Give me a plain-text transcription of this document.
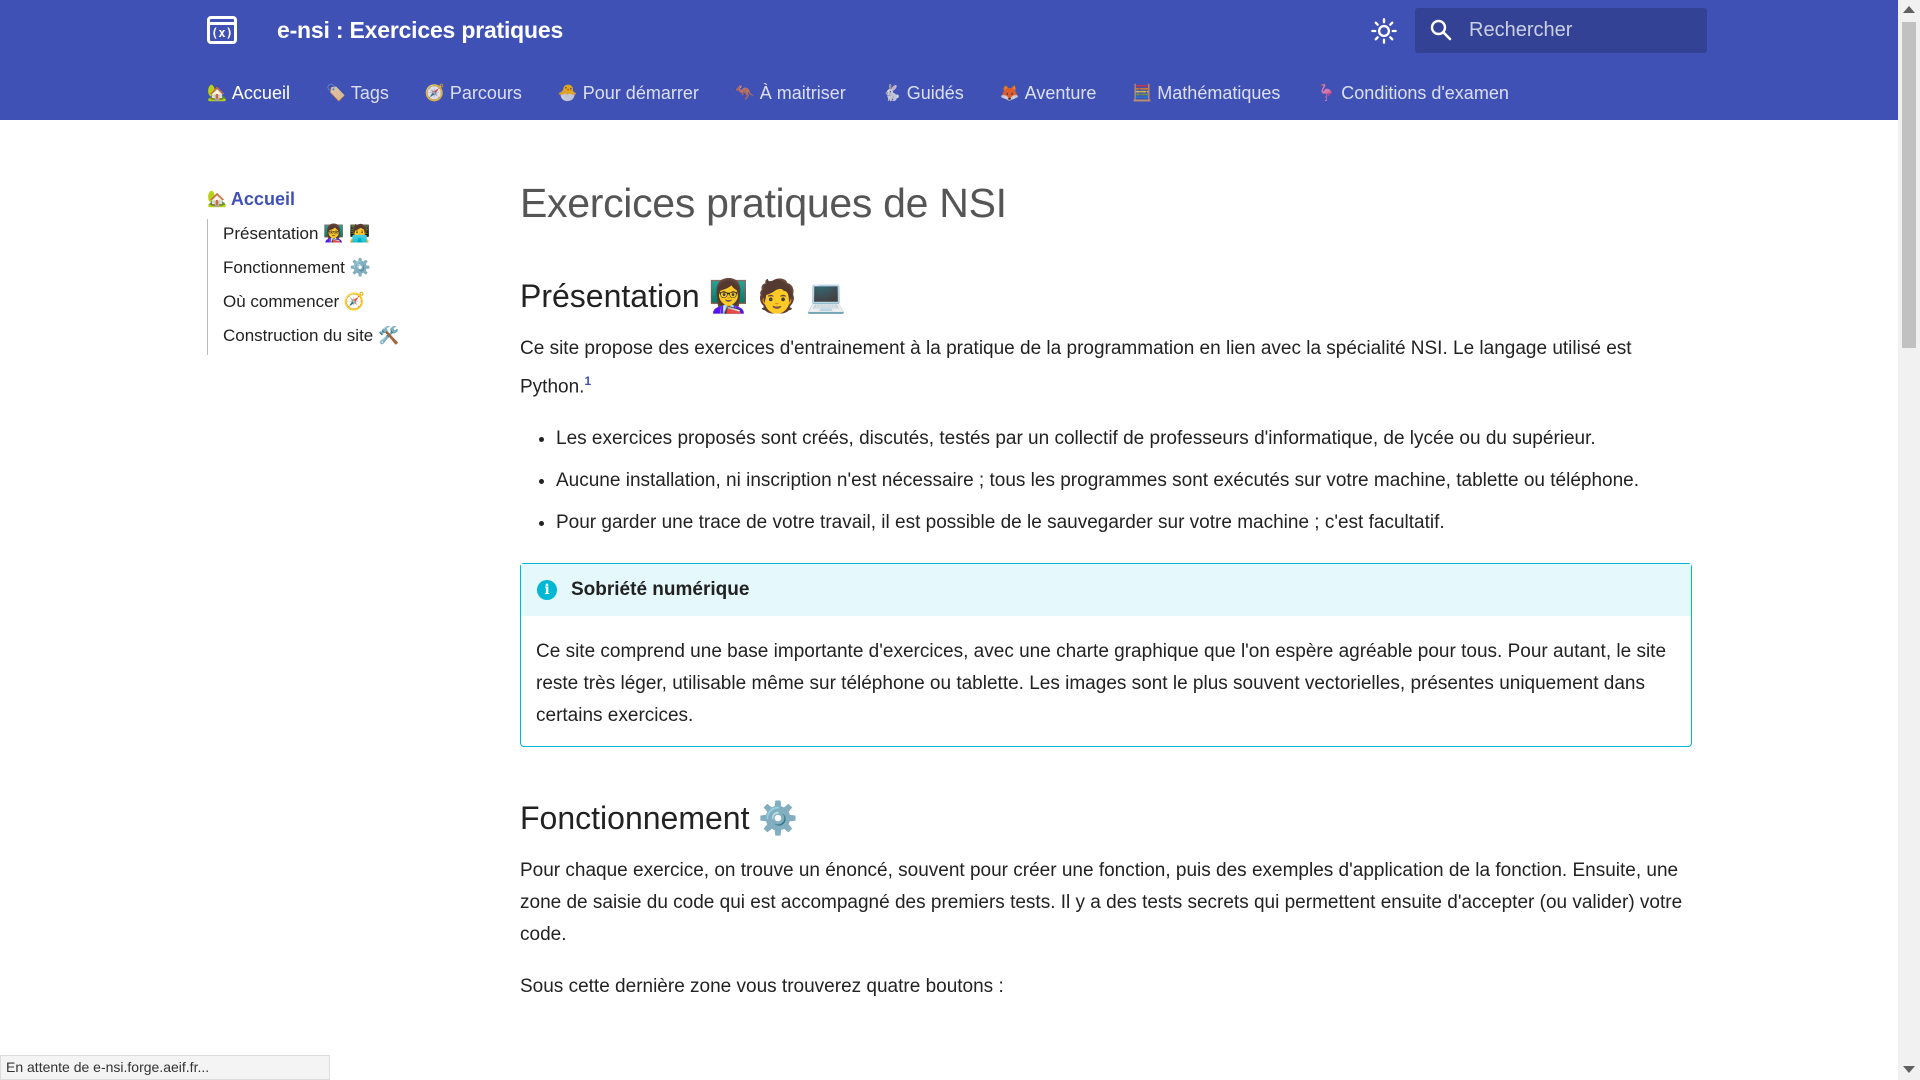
(x) e-nsi : Exercices pratiques
Rechercher
🏡 Accueil 🏷️ Tags 🧭 Parcours 🐣 Pour démarrer 🦘 À maitriser 🐇 Guidés 🦊 Aventure 🧮 Mathématiques 🦩 Conditions d'examen
🏡 Accueil
Présentation 👩‍🏫 🧑‍💻
Fonctionnement ⚙️
Où commencer 🧭
Construction du site 🛠️
Exercices pratiques de NSI
Présentation 👩‍🏫 🧑 💻

Ce site propose des exercices d'entrainement à la pratique de la programmation en lien avec la spécialité NSI. Le langage utilisé est Python.$^1$

• Les exercices proposés sont créés, discutés, testés par un collectif de professeurs d'informatique, de lycée ou du supérieur.
• Aucune installation, ni inscription n'est nécessaire ; tous les programmes sont exécutés sur votre machine, tablette ou téléphone.
• Pour garder une trace de votre travail, il est possible de le sauvegarder sur votre machine ; c'est facultatif.
i	Sobriété numérique
Ce site comprend une base importante d'exercices, avec une charte graphique que l'on espère agréable pour tous. Pour autant, le site reste très léger, utilisable même sur téléphone ou tablette. Les images sont le plus souvent vectorielles, présentes uniquement dans certains exercices.
Fonctionnement ⚙️

Pour chaque exercice, on trouve un énoncé, souvent pour créer une fonction, puis des exemples d'application de la fonction. Ensuite, une zone de saisie du code qui est accompagné des premiers tests. Il y a des tests secrets qui permettent ensuite d'accepter (ou valider) votre code.

Sous cette dernière zone vous trouverez quatre boutons :

En attente de e-nsi.forge.aeif.fr...
